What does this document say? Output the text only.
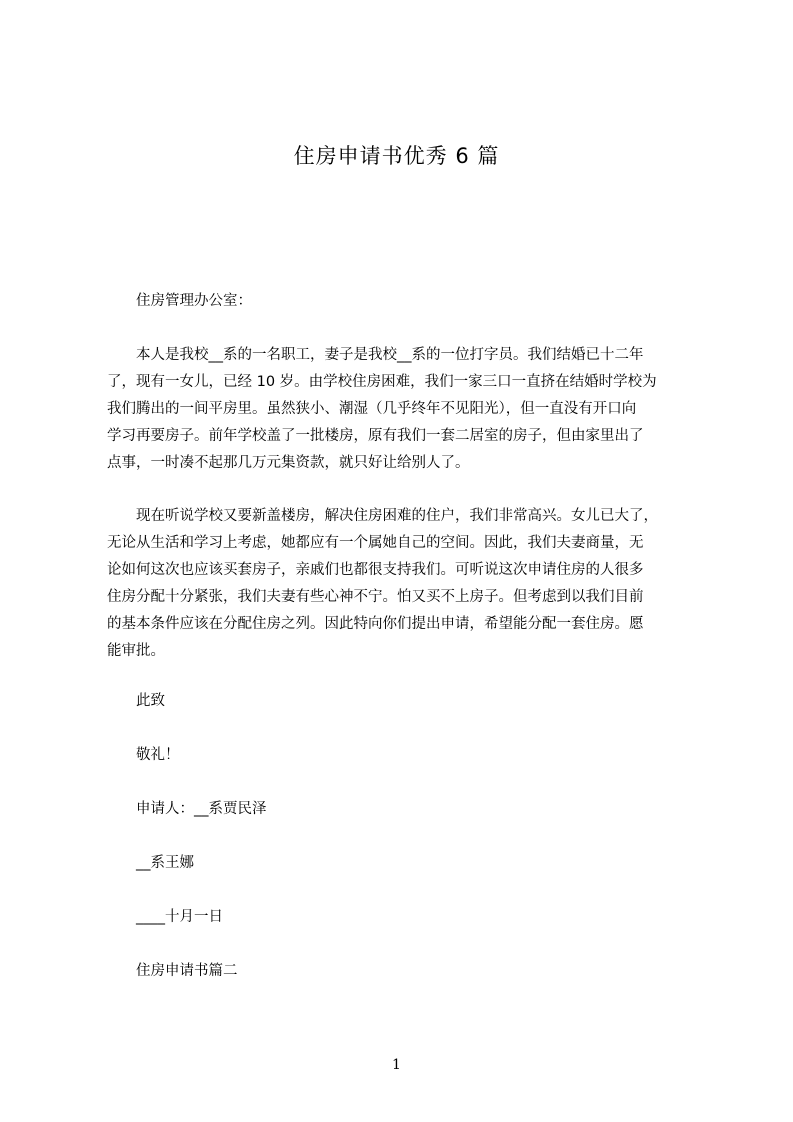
住房申请书优秀 6 篇
住房管理办公室：
本人是我校__系的一名职工，妻子是我校__系的一位打字员。我们结婚已十二年
了，现有一女儿，已经 10 岁。由学校住房困难，我们一家三口一直挤在结婚时学校为
我们腾出的一间平房里。虽然狭小、潮湿（几乎终年不见阳光），但一直没有开口向
学习再要房子。前年学校盖了一批楼房，原有我们一套二居室的房子，但由家里出了
点事，一时凑不起那几万元集资款，就只好让给别人了。
现在听说学校又要新盖楼房，解决住房困难的住户，我们非常高兴。女儿已大了，
无论从生活和学习上考虑，她都应有一个属她自己的空间。因此，我们夫妻商量，无
论如何这次也应该买套房子，亲戚们也都很支持我们。可听说这次申请住房的人很多
住房分配十分紧张，我们夫妻有些心神不宁。怕又买不上房子。但考虑到以我们目前
的基本条件应该在分配住房之列。因此特向你们提出申请，希望能分配一套住房。愿
能审批。
此致
敬礼！
申请人：__系贾民泽
__系王娜
____十月一日
住房申请书篇二
1
